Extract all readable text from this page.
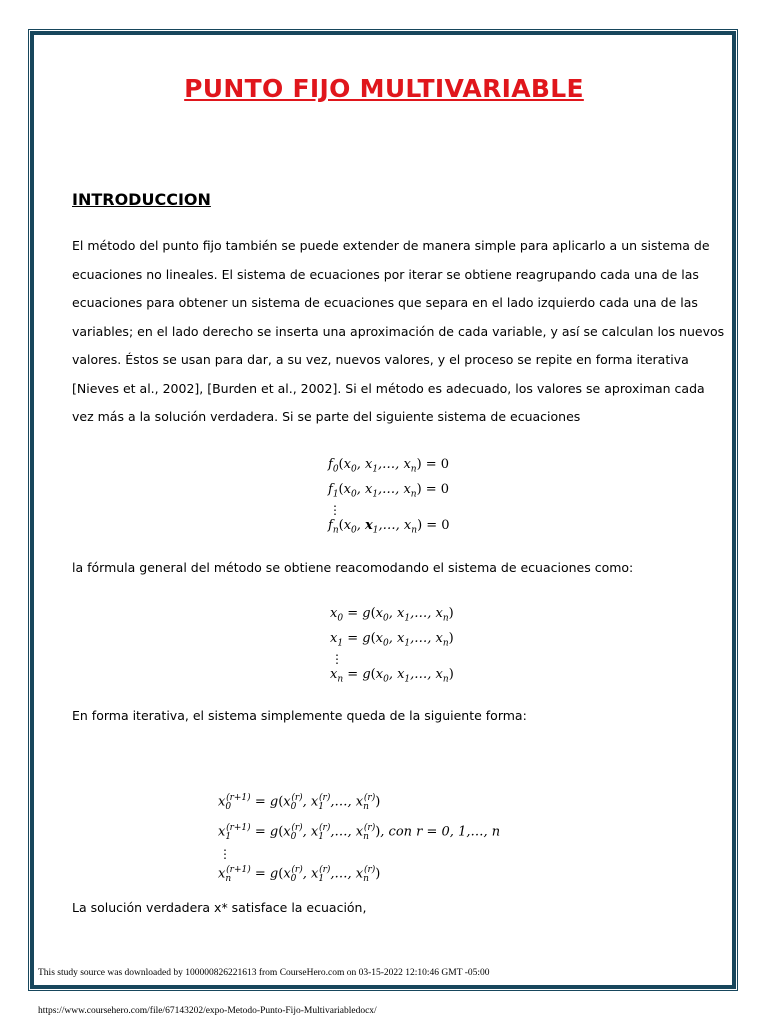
PUNTO FIJO MULTIVARIABLE
INTRODUCCION
El método del punto fijo también se puede extender de manera simple para aplicarlo a un sistema de
ecuaciones no lineales. El sistema de ecuaciones por iterar se obtiene reagrupando cada una de las
ecuaciones para obtener un sistema de ecuaciones que separa en el lado izquierdo cada una de las
variables; en el lado derecho se inserta una aproximación de cada variable, y así se calculan los nuevos
valores. Éstos se usan para dar, a su vez, nuevos valores, y el proceso se repite en forma iterativa
[Nieves et al., 2002], [Burden et al., 2002]. Si el método es adecuado, los valores se aproximan cada
vez más a la solución verdadera. Si se parte del siguiente sistema de ecuaciones
$f_0(x_0$, $x_1,\dots$, $x_n) = 0$
$f_1(x_0$, $x_1,\dots$, $x_n) = 0$
⋮
$f_n(x_0$, $x_1,\dots$, $x_n) = 0$
la fórmula general del método se obtiene reacomodando el sistema de ecuaciones como:
$x_0 = g(x_0$, $x_1,\dots$, $x_n$)
$x_1 = g(x_0$, $x_1,\dots$, $x_n$)
⋮
$x_n = g(x_0$, $x_1,\dots$, $x_n$)
En forma iterativa, el sistema simplemente queda de la siguiente forma:
$x_0^{(r+1)} = g(x_0^{(r)}$, $x_1^{(r)},\dots$, $x_n^{(r)}$)
$x_1^{(r+1)} = g(x_0^{(r)}$, $x_1^{(r)},\dots$, $x_n^{(r)}$), con r = 0, 1,…, n
⋮
$x_n^{(r+1)} = g(x_0^{(r)}$, $x_1^{(r)},\dots$, $x_n^{(r)}$)
La solución verdadera x* satisface la ecuación,
This study source was downloaded by 100000826221613 from CourseHero.com on 03-15-2022 12:10:46 GMT -05:00
https://www.coursehero.com/file/67143202/expo-Metodo-Punto-Fijo-Multivariabledocx/
